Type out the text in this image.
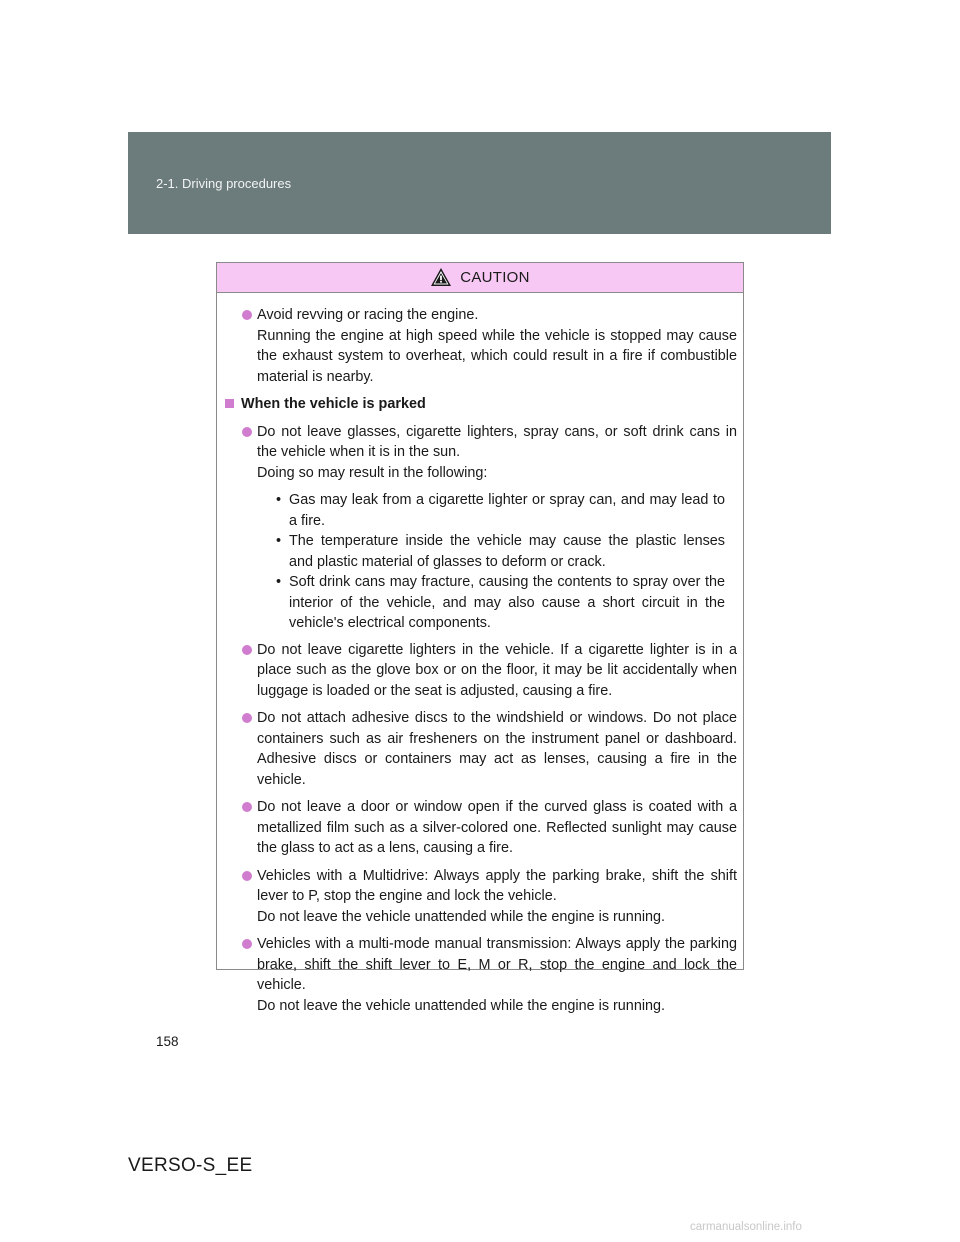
2-1. Driving procedures
CAUTION
Avoid revving or racing the engine.
Running the engine at high speed while the vehicle is stopped may cause the exhaust system to overheat, which could result in a fire if combustible material is nearby.
When the vehicle is parked
Do not leave glasses, cigarette lighters, spray cans, or soft drink cans in the vehicle when it is in the sun.
Doing so may result in the following:
• Gas may leak from a cigarette lighter or spray can, and may lead to a fire.
• The temperature inside the vehicle may cause the plastic lenses and plastic material of glasses to deform or crack.
• Soft drink cans may fracture, causing the contents to spray over the interior of the vehicle, and may also cause a short circuit in the vehicle's electrical components.
Do not leave cigarette lighters in the vehicle. If a cigarette lighter is in a place such as the glove box or on the floor, it may be lit accidentally when luggage is loaded or the seat is adjusted, causing a fire.
Do not attach adhesive discs to the windshield or windows. Do not place containers such as air fresheners on the instrument panel or dashboard. Adhesive discs or containers may act as lenses, causing a fire in the vehicle.
Do not leave a door or window open if the curved glass is coated with a metallized film such as a silver-colored one. Reflected sunlight may cause the glass to act as a lens, causing a fire.
Vehicles with a Multidrive: Always apply the parking brake, shift the shift lever to P, stop the engine and lock the vehicle.
Do not leave the vehicle unattended while the engine is running.
Vehicles with a multi-mode manual transmission: Always apply the parking brake, shift the shift lever to E, M or R, stop the engine and lock the vehicle.
Do not leave the vehicle unattended while the engine is running.
158
VERSO-S_EE
carmanualsonline.info
